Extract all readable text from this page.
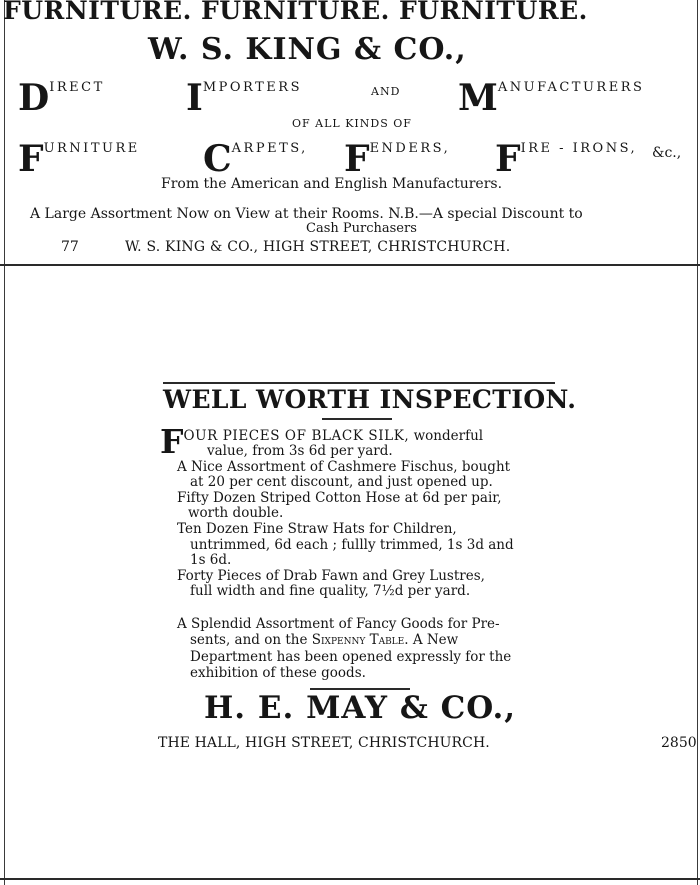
FURNITURE. FURNITURE. FURNITURE.
W. S. KING & CO.,
$D^{IRECT}$ $I^{MPORTERS}$	AND $M^{ANUFACTURERS}$
OF ALL KINDS OF
$F^{URNITURE}$ $C^{ARPETS,}$ $F^{ENDERS,}$ $F^{IRE - IRONS,}$ &c.,
From the American and English Manufacturers.
A Large Assortment Now on View at their Rooms. N.B.—A special Discount to
Cash Purchasers
77	W. S. KING & CO., HIGH STREET, CHRISTCHURCH.
WELL WORTH INSPECTION.
FOUR PIECES OF BLACK SILK, wonderful
value, from 3s 6d per yard.
A Nice Assortment of Cashmere Fischus, bought
at 20 per cent discount, and just opened up.
Fifty Dozen Striped Cotton Hose at 6d per pair,
worth double.
Ten Dozen Fine Straw Hats for Children,
untrimmed, 6d each ; fullly trimmed, 1s 3d and
1s 6d.
Forty Pieces of Drab Fawn and Grey Lustres,
full width and fine quality, 7½d per yard.
A Splendid Assortment of Fancy Goods for Pre-
sents, and on the Sixpenny Table. A New
Department has been opened expressly for the
exhibition of these goods.
H. E. MAY & CO.,
THE HALL, HIGH STREET, CHRISTCHURCH.	2850
